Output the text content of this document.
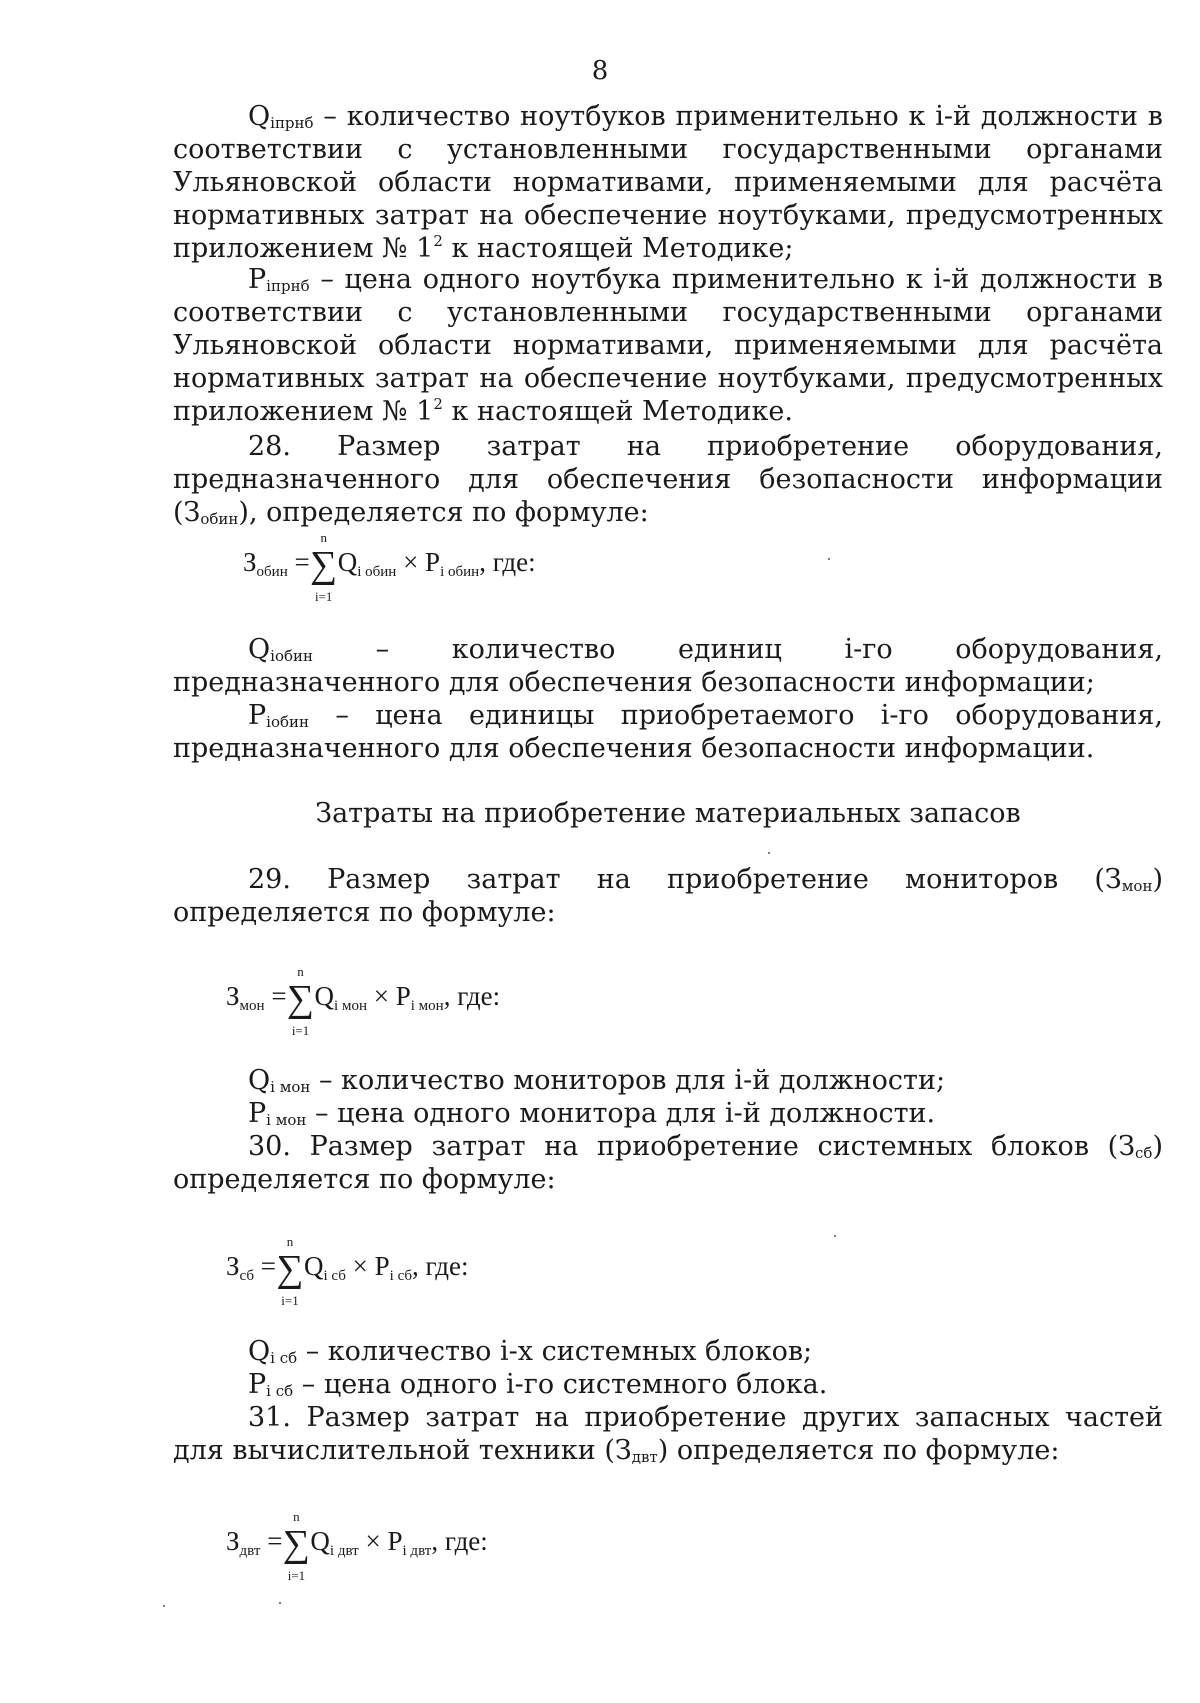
8
$Q_{iпрнб}$ – количество ноутбуков применительно к i-й должности в соответствии с установленными государственными органами Ульяновской области нормативами, применяемыми для расчёта нормативных затрат на обеспечение ноутбуками, предусмотренных приложением № $1^2$ к настоящей Методике;
$P_{iпрнб}$ – цена одного ноутбука применительно к i-й должности в соответствии с установленными государственными органами Ульяновской области нормативами, применяемыми для расчёта нормативных затрат на обеспечение ноутбуками, предусмотренных приложением № $1^2$ к настоящей Методике.
28. Размер затрат на приобретение оборудования, предназначенного для обеспечения безопасности информации $(З_{обин})$, определяется по формуле:
Зобин =
n
∑
i=1
Qi обин × Pi обин, где:
$Q_{iобин}$ – количество единиц i-го оборудования, предназначенного для обеспечения безопасности информации;
$P_{iобин}$ – цена единицы приобретаемого i-го оборудования, предназначенного для обеспечения безопасности информации.
Затраты на приобретение материальных запасов
29. Размер затрат на приобретение мониторов $(З_{мон})$ определяется по формуле:
Змон =
n
∑
i=1
Qi мон × Pi мон, где:
$Q_{i мон}$ – количество мониторов для i-й должности;
$P_{i мон}$ – цена одного монитора для i-й должности.
30. Размер затрат на приобретение системных блоков $(З_{сб})$ определяется по формуле:
Зсб =
n
∑
i=1
Qi сб × Pi сб, где:
$Q_{i сб}$ – количество i-х системных блоков;
$P_{i сб}$ – цена одного i-го системного блока.
31. Размер затрат на приобретение других запасных частей для вычислительной техники $(З_{двт})$ определяется по формуле:
Здвт =
n
∑
i=1
Qi двт × Pi двт, где:
